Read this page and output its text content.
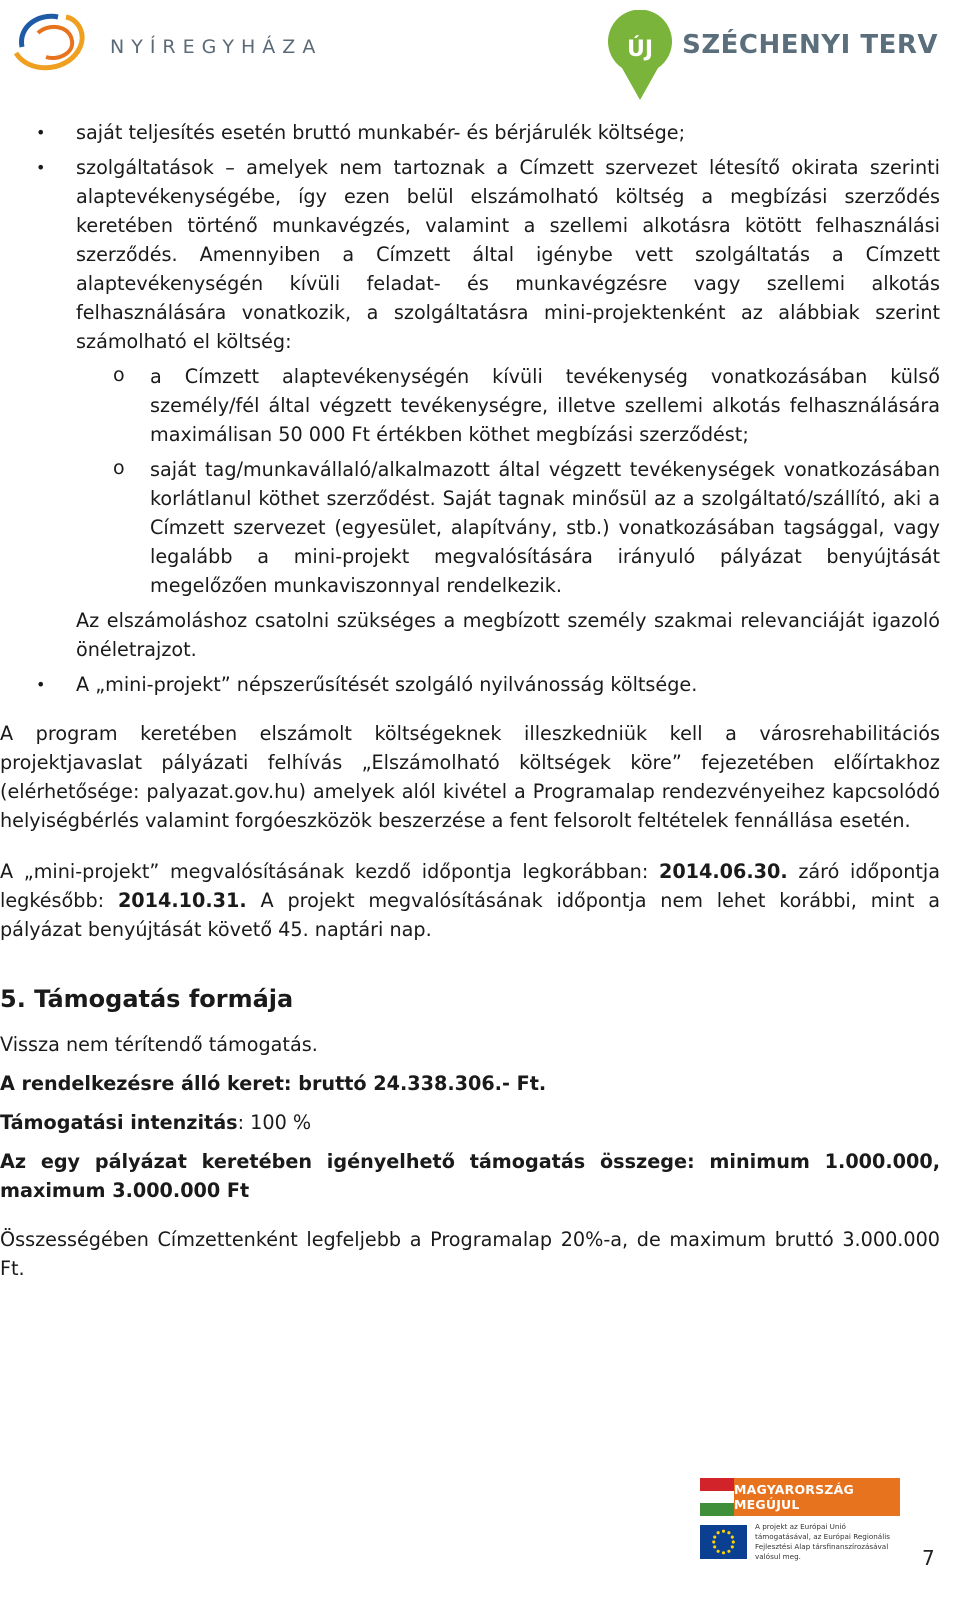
NYÍREGYHÁZA	ÚJ SZÉCHENYI TERV
• saját teljesítés esetén bruttó munkabér- és bérjárulék költsége;

• szolgáltatások – amelyek nem tartoznak a Címzett szervezet létesítő okirata szerinti alaptevékenységébe, így ezen belül elszámolható költség a megbízási szerződés keretében történő munkavégzés, valamint a szellemi alkotásra kötött felhasználási szerződés. Amennyiben a Címzett által igénybe vett szolgáltatás a Címzett alaptevékenységén kívüli feladat- és munkavégzésre vagy szellemi alkotás felhasználására vonatkozik, a szolgáltatásra mini-projektenként az alábbiak szerint számolható el költség:

o a Címzett alaptevékenységén kívüli tevékenység vonatkozásában külső személy/fél által végzett tevékenységre, illetve szellemi alkotás felhasználására maximálisan 50 000 Ft értékben köthet megbízási szerződést;
o saját tag/munkavállaló/alkalmazott által végzett tevékenységek vonatkozásában korlátlanul köthet szerződést. Saját tagnak minősül az a szolgáltató/szállító, aki a Címzett szervezet (egyesület, alapítvány, stb.) vonatkozásában tagsággal, vagy legalább a mini-projekt megvalósítására irányuló pályázat benyújtását megelőzően munkaviszonnyal rendelkezik.

Az elszámoláshoz csatolni szükséges a megbízott személy szakmai relevanciáját igazoló önéletrajzot.

• A „mini-projekt” népszerűsítését szolgáló nyilvánosság költsége.

A program keretében elszámolt költségeknek illeszkedniük kell a városrehabilitációs projektjavaslat pályázati felhívás „Elszámolható költségek köre” fejezetében előírtakhoz (elérhetősége: palyazat.gov.hu) amelyek alól kivétel a Programalap rendezvényeihez kapcsolódó helyiségbérlés valamint forgóeszközök beszerzése a fent felsorolt feltételek fennállása esetén.

A „mini-projekt” megvalósításának kezdő időpontja legkorábban: 2014.06.30. záró időpontja legkésőbb: 2014.10.31. A projekt megvalósításának időpontja nem lehet korábbi, mint a pályázat benyújtását követő 45. naptári nap.

5. Támogatás formája

Vissza nem térítendő támogatás.

A rendelkezésre álló keret: bruttó 24.338.306.- Ft.

Támogatási intenzitás: 100 %

Az egy pályázat keretében igényelhető támogatás összege: minimum 1.000.000, maximum 3.000.000 Ft

Összességében Címzettenként legfeljebb a Programalap 20%-a, de maximum bruttó 3.000.000 Ft.

MAGYARORSZÁG MEGÚJUL
A projekt az Európai Unió támogatásával, az Európai Regionális Fejlesztési Alap társfinanszírozásával valósul meg.	7
